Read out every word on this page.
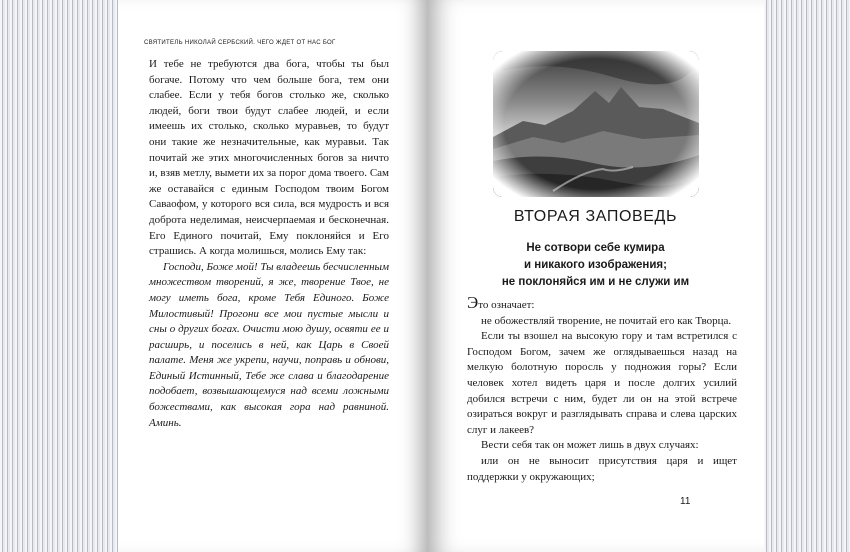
СВЯТИТЕЛЬ НИКОЛАЙ СЕРБСКИЙ. ЧЕГО ЖДЕТ ОТ НАС БОГ

И тебе не требуются два бога, чтобы ты был богаче. Потому что чем больше бога, тем они слабее. Если у тебя богов столько же, сколько людей, боги твои будут слабее людей, и если имеешь их столько, сколько муравьев, то будут они такие же незначительные, как муравьи. Так почитай же этих многочисленных богов за ничто и, взяв метлу, вымети их за порог дома твоего. Сам же оставайся с единым Господом твоим Богом Саваофом, у которого вся сила, вся мудрость и вся доброта неделимая, неисчерпаемая и бесконечная. Его Единого почитай, Ему поклоняйся и Его страшись. А когда молишься, молись Ему так:

Господи, Боже мой! Ты владеешь бесчисленным множеством творений, я же, творение Твое, не могу иметь бога, кроме Тебя Единого. Боже Милостивый! Прогони все мои пустые мысли и сны о других богах. Очисти мою душу, освяти ее и расширь, и поселись в ней, как Царь в Своей палате. Меня же укрепи, научи, поправь и обнови, Единый Истинный, Тебе же слава и благодарение подобает, возвышающемуся над всеми ложными божествами, как высокая гора над равниной. Аминь.

ВТОРАЯ ЗАПОВЕДЬ
Не сотвори себе кумира
и никакого изображения;
не поклоняйся им и не служи им

Это означает:

не обожествляй творение, не почитай его как Творца.

Если ты взошел на высокую гору и там встретился с Господом Богом, зачем же оглядываешься назад на мелкую болотную поросль у подножия горы? Если человек хотел видеть царя и после долгих усилий добился встречи с ним, будет ли он на этой встрече озираться вокруг и разглядывать справа и слева царских слуг и лакеев?

Вести себя так он может лишь в двух случаях:

или он не выносит присутствия царя и ищет поддержки у окружающих;

11
